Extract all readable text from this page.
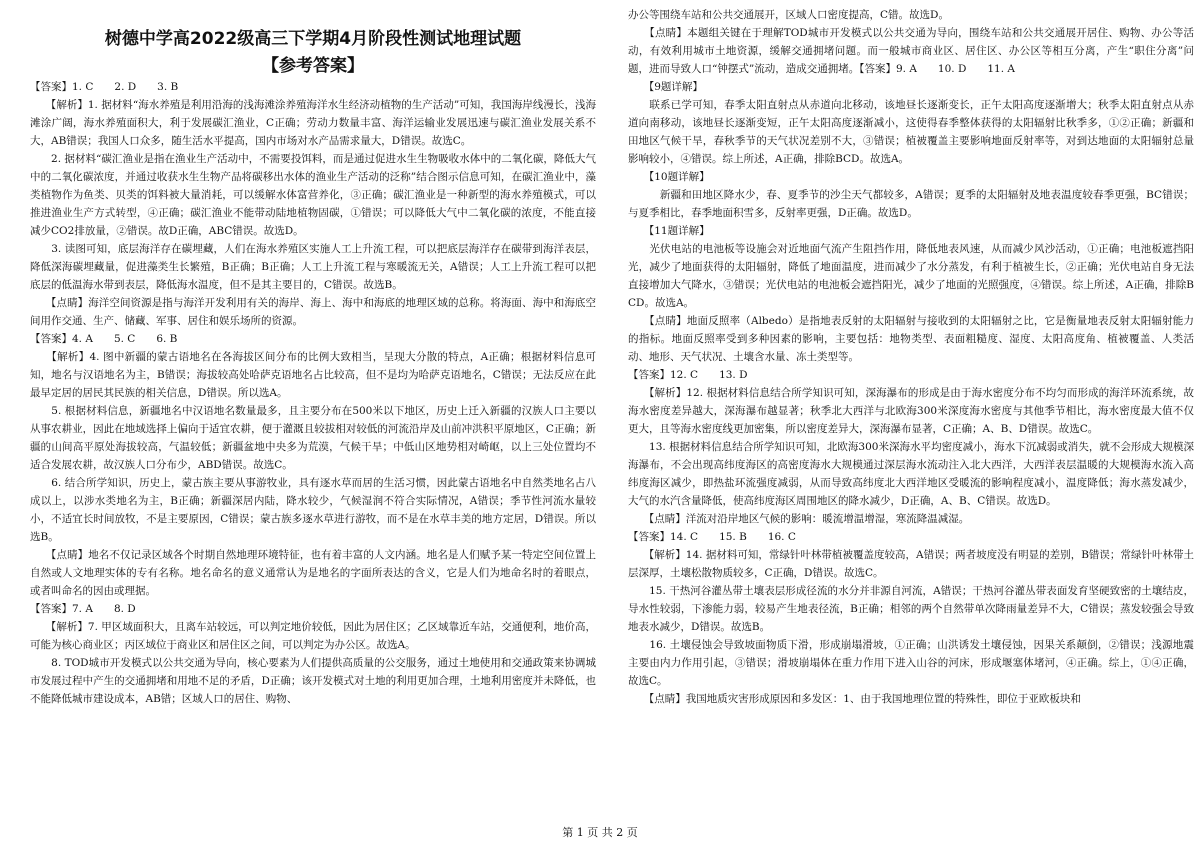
树德中学高2022级高三下学期4月阶段性测试地理试题
【参考答案】

【答案】1. C　　2. D　　3. B

　　【解析】1. 据材料“海水养殖是利用沿海的浅海滩涂养殖海洋水生经济动植物的生产活动”可知，我国海岸线漫长，浅海滩涂广阔，海水养殖面积大，利于发展碳汇渔业，C正确；劳动力数量丰富、海洋运输业发展迅速与碳汇渔业发展关系不大，AB错误；我国人口众多，随生活水平提高，国内市场对水产品需求量大，D错误。故选C。

　　2. 据材料“碳汇渔业是指在渔业生产活动中，不需要投饵料，而是通过促进水生生物吸收水体中的二氧化碳，降低大气中的二氧化碳浓度，并通过收获水生生物产品将碳移出水体的渔业生产活动的泛称”结合图示信息可知，在碳汇渔业中，藻类植物作为鱼类、贝类的饵料被大量消耗，可以缓解水体富营养化，③正确；碳汇渔业是一种新型的海水养殖模式，可以推进渔业生产方式转型，④正确；碳汇渔业不能带动陆地植物固碳，①错误；可以降低大气中二氧化碳的浓度，不能直接减少CO2排放量，②错误。故D正确，ABC错误。故选D。

　　3. 读图可知，底层海洋存在碳埋藏，人们在海水养殖区实施人工上升流工程，可以把底层海洋存在碳带到海洋表层，降低深海碳埋藏量，促进藻类生长繁殖，B正确；B正确；人工上升流工程与寒暖流无关，A错误；人工上升流工程可以把底层的低温海水带到表层，降低海水温度，但不是其主要目的，C错误。故选B。

　　【点睛】海洋空间资源是指与海洋开发利用有关的海岸、海上、海中和海底的地理区域的总称。将海面、海中和海底空间用作交通、生产、储藏、军事、居住和娱乐场所的资源。

【答案】4. A　　5. C　　6. B

　　【解析】4. 图中新疆的蒙古语地名在各海拔区间分布的比例大致相当，呈现大分散的特点，A正确；根据材料信息可知，地名与汉语地名为主，B错误；海拔较高处哈萨克语地名占比较高，但不是均为哈萨克语地名，C错误；无法反应在此最早定居的居民其民族的相关信息，D错误。所以选A。

　　5. 根据材料信息，新疆地名中汉语地名数量最多，且主要分布在500米以下地区，历史上迁入新疆的汉族人口主要以从事农耕业，因此在地域选择上偏向于适宜农耕，便于灌溉且较拔相对较低的河流沿岸及山前冲洪积平原地区，C正确；新疆的山间高平原处海拔较高，气温较低；新疆盆地中央多为荒漠，气候干旱；中低山区地势相对崎岖，以上三处位置均不适合发展农耕，故汉族人口分布少，ABD错误。故选C。

　　6. 结合所学知识，历史上，蒙古族主要从事游牧业，具有逐水草而居的生活习惯，因此蒙古语地名中自然类地名占八成以上，以涉水类地名为主，B正确；新疆深居内陆，降水较少，气候湿润不符合实际情况，A错误；季节性河流水量较小，不适宜长时间放牧，不是主要原因，C错误；蒙古族多逐水草进行游牧，而不是在水草丰美的地方定居，D错误。所以选B。

　　【点睛】地名不仅记录区域各个时期自然地理环境特征，也有着丰富的人文内涵。地名是人们赋予某一特定空间位置上自然或人文地理实体的专有名称。地名命名的意义通常认为是地名的字面所表达的含义，它是人们为地命名时的着眼点，或者叫命名的因由或理据。

【答案】7. A　　8. D

　　【解析】7. 甲区域面积大，且离车站较远，可以判定地价较低，因此为居住区；乙区域靠近车站，交通便利，地价高，可能为核心商业区；丙区域位于商业区和居住区之间，可以判定为办公区。故选A。

　　8. TOD城市开发模式以公共交通为导向，核心要素为人们提供高质量的公交服务，通过土地使用和交通政策来协调城市发展过程中产生的交通拥堵和用地不足的矛盾，D正确；该开发模式对土地的利用更加合理，土地利用密度并未降低，也不能降低城市建设成本，AB错；区域人口的居住、购物、

办公等围绕车站和公共交通展开，区域人口密度提高，C错。故选D。

　　【点睛】本题组关键在于理解TOD城市开发模式以公共交通为导向，围绕车站和公共交通展开居住、购物、办公等活动，有效利用城市土地资源，缓解交通拥堵问题。而一般城市商业区、居住区、办公区等相互分离，产生“职住分离”问题，进而导致人口“钟摆式”流动，造成交通拥堵。【答案】9. A　　10. D　　11. A

　　【9题详解】

　　联系已学可知，春季太阳直射点从赤道向北移动，该地昼长逐渐变长，正午太阳高度逐渐增大；秋季太阳直射点从赤道向南移动，该地昼长逐渐变短，正午太阳高度逐渐减小，这使得春季整体获得的太阳辐射比秋季多，①②正确；新疆和田地区气候干旱，春秋季节的天气状况差别不大，③错误；植被覆盖主要影响地面反射率等，对到达地面的太阳辐射总量影响较小，④错误。综上所述，A正确，排除BCD。故选A。

　　【10题详解】

　　　新疆和田地区降水少，春、夏季节的沙尘天气都较多，A错误；夏季的太阳辐射及地表温度较春季更强，BC错误；与夏季相比，春季地面积雪多，反射率更强，D正确。故选D。

　　【11题详解】

　　光伏电站的电池板等设施会对近地面气流产生阻挡作用，降低地表风速，从而减少风沙活动，①正确；电池板遮挡阳光，减少了地面获得的太阳辐射，降低了地面温度，进而减少了水分蒸发，有利于植被生长，②正确；光伏电站自身无法直接增加大气降水，③错误；光伏电站的电池板会遮挡阳光，减少了地面的光照强度，④错误。综上所述，A正确，排除BCD。故选A。

　　【点睛】地面反照率（Albedo）是指地表反射的太阳辐射与接收到的太阳辐射之比，它是衡量地表反射太阳辐射能力的指标。地面反照率受到多种因素的影响，主要包括：地物类型、表面粗糙度、湿度、太阳高度角、植被覆盖、人类活动、地形、天气状况、土壤含水量、冻土类型等。

【答案】12. C　　13. D

　　【解析】12. 根据材料信息结合所学知识可知，深海瀑布的形成是由于海水密度分布不均匀而形成的海洋环流系统，故海水密度差异越大，深海瀑布越显著；秋季北大西洋与北欧海300米深度海水密度与其他季节相比，海水密度最大值不仅更大，且等海水密度线更加密集，所以密度差异大，深海瀑布显著，C正确；A、B、D错误。故选C。

　　13. 根据材料信息结合所学知识可知，北欧海300米深海水平均密度减小，海水下沉减弱或消失，就不会形成大规模深海瀑布，不会出现高纬度海区的高密度海水大规模通过深层海水流动注入北大西洋，大西洋表层温暖的大规模海水流入高纬度海区减少，即热盐环流强度减弱，从而导致高纬度北大西洋地区受暖流的影响程度减小，温度降低；海水蒸发减少，大气的水汽含量降低，使高纬度海区周围地区的降水减少，D正确，A、B、C错误。故选D。

　　【点睛】洋流对沿岸地区气候的影响：暖流增温增湿，寒流降温减湿。

【答案】14. C　　15. B　　16. C

　　【解析】14. 据材料可知，常绿针叶林带植被覆盖度较高，A错误；两者坡度没有明显的差别，B错误；常绿针叶林带土层深厚，土壤松散物质较多，C正确，D错误。故选C。

　　15. 干热河谷灌丛带土壤表层形成径流的水分并非源自河流，A错误；干热河谷灌丛带表面发育坚硬致密的土壤结皮，导水性较弱，下渗能力弱，较易产生地表径流，B正确；相邻的两个自然带单次降雨量差异不大，C错误；蒸发较强会导致地表水减少，D错误。故选B。

　　16. 土壤侵蚀会导致坡面物质下滑，形成崩塌滑坡，①正确；山洪诱发土壤侵蚀，因果关系颠倒，②错误；浅源地震主要由内力作用引起，③错误；滑坡崩塌体在重力作用下进入山谷的河床，形成堰塞体堵河，④正确。综上，①④正确，故选C。

　　【点睛】我国地质灾害形成原因和多发区：1、由于我国地理位置的特殊性，即位于亚欧板块和

第 1 页 共 2 页
